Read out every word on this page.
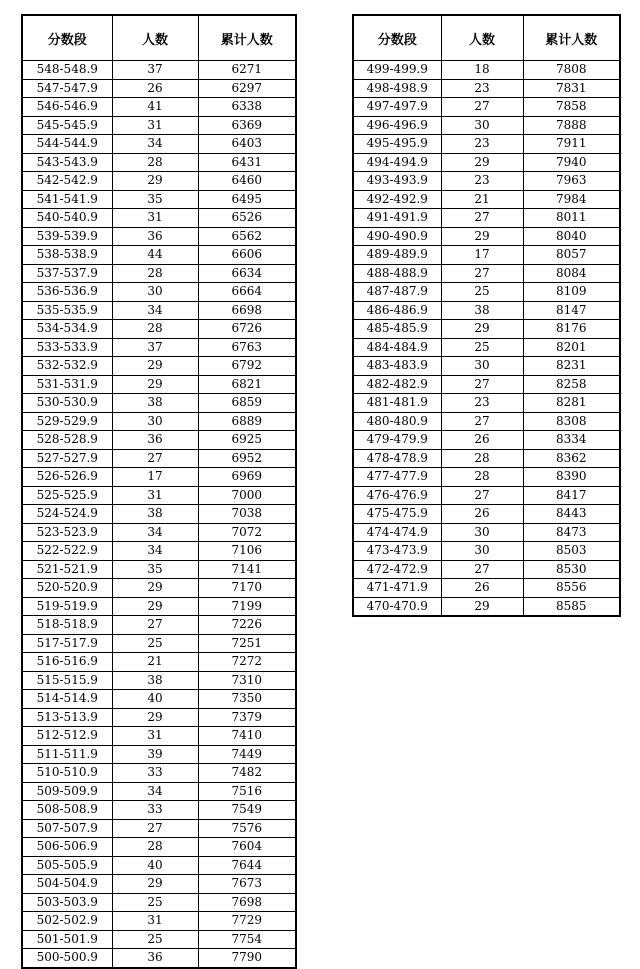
分数段	人数	累计人数
548-548.9	37	6271
547-547.9	26	6297
546-546.9	41	6338
545-545.9	31	6369
544-544.9	34	6403
543-543.9	28	6431
542-542.9	29	6460
541-541.9	35	6495
540-540.9	31	6526
539-539.9	36	6562
538-538.9	44	6606
537-537.9	28	6634
536-536.9	30	6664
535-535.9	34	6698
534-534.9	28	6726
533-533.9	37	6763
532-532.9	29	6792
531-531.9	29	6821
530-530.9	38	6859
529-529.9	30	6889
528-528.9	36	6925
527-527.9	27	6952
526-526.9	17	6969
525-525.9	31	7000
524-524.9	38	7038
523-523.9	34	7072
522-522.9	34	7106
521-521.9	35	7141
520-520.9	29	7170
519-519.9	29	7199
518-518.9	27	7226
517-517.9	25	7251
516-516.9	21	7272
515-515.9	38	7310
514-514.9	40	7350
513-513.9	29	7379
512-512.9	31	7410
511-511.9	39	7449
510-510.9	33	7482
509-509.9	34	7516
508-508.9	33	7549
507-507.9	27	7576
506-506.9	28	7604
505-505.9	40	7644
504-504.9	29	7673
503-503.9	25	7698
502-502.9	31	7729
501-501.9	25	7754
500-500.9	36	7790
分数段	人数	累计人数
499-499.9	18	7808
498-498.9	23	7831
497-497.9	27	7858
496-496.9	30	7888
495-495.9	23	7911
494-494.9	29	7940
493-493.9	23	7963
492-492.9	21	7984
491-491.9	27	8011
490-490.9	29	8040
489-489.9	17	8057
488-488.9	27	8084
487-487.9	25	8109
486-486.9	38	8147
485-485.9	29	8176
484-484.9	25	8201
483-483.9	30	8231
482-482.9	27	8258
481-481.9	23	8281
480-480.9	27	8308
479-479.9	26	8334
478-478.9	28	8362
477-477.9	28	8390
476-476.9	27	8417
475-475.9	26	8443
474-474.9	30	8473
473-473.9	30	8503
472-472.9	27	8530
471-471.9	26	8556
470-470.9	29	8585
